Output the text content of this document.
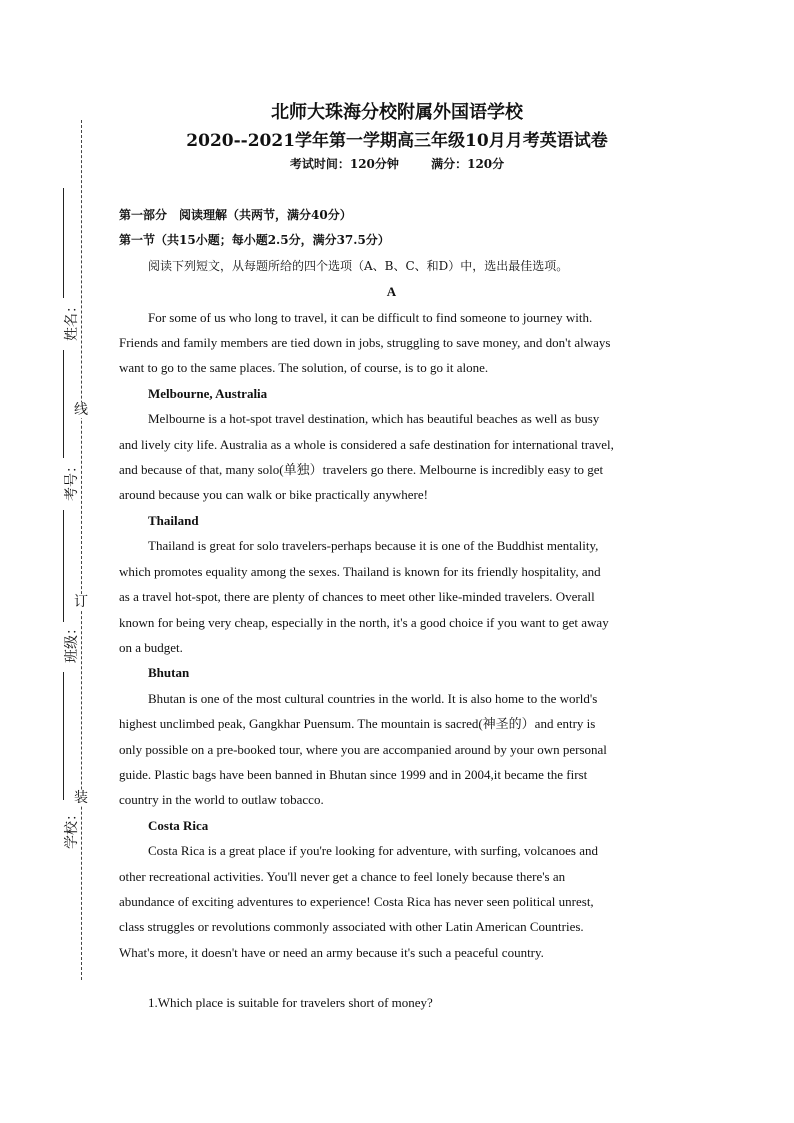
线
订
装
姓名：
考号：
班级：
学校：
北师大珠海分校附属外国语学校
2020--2021学年第一学期高三年级10月月考英语试卷
考试时间：120分钟	满分：120分
第一部分　阅读理解（共两节，满分40分）
第一节（共15小题；每小题2.5分，满分37.5分）
阅读下列短文，从每题所给的四个选项（A、B、C、和D）中，选出最佳选项。
A
For some of us who long to travel, it can be difficult to find someone to journey with.
Friends and family members are tied down in jobs, struggling to save money, and don't always
want to go to the same places. The solution, of course, is to go it alone.
Melbourne, Australia
Melbourne is a hot-spot travel destination, which has beautiful beaches as well as busy
and lively city life. Australia as a whole is considered a safe destination for international travel,
and because of that, many solo(单独）travelers go there. Melbourne is incredibly easy to get
around because you can walk or bike practically anywhere!
Thailand
Thailand is great for solo travelers-perhaps because it is one of the Buddhist mentality,
which promotes equality among the sexes. Thailand is known for its friendly hospitality, and
as a travel hot-spot, there are plenty of chances to meet other like-minded travelers. Overall
known for being very cheap, especially in the north, it's a good choice if you want to get away
on a budget.
Bhutan
Bhutan is one of the most cultural countries in the world. It is also home to the world's
highest unclimbed peak, Gangkhar Puensum. The mountain is sacred(神圣的）and entry is
only possible on a pre-booked tour, where you are accompanied around by your own personal
guide. Plastic bags have been banned in Bhutan since 1999 and in 2004,it became the first
country in the world to outlaw tobacco.
Costa Rica
Costa Rica is a great place if you're looking for adventure, with surfing, volcanoes and
other recreational activities. You'll never get a chance to feel lonely because there's an
abundance of exciting adventures to experience! Costa Rica has never seen political unrest,
class struggles or revolutions commonly associated with other Latin American Countries.
What's more, it doesn't have or need an army because it's such a peaceful country.
1.Which place is suitable for travelers short of money?
